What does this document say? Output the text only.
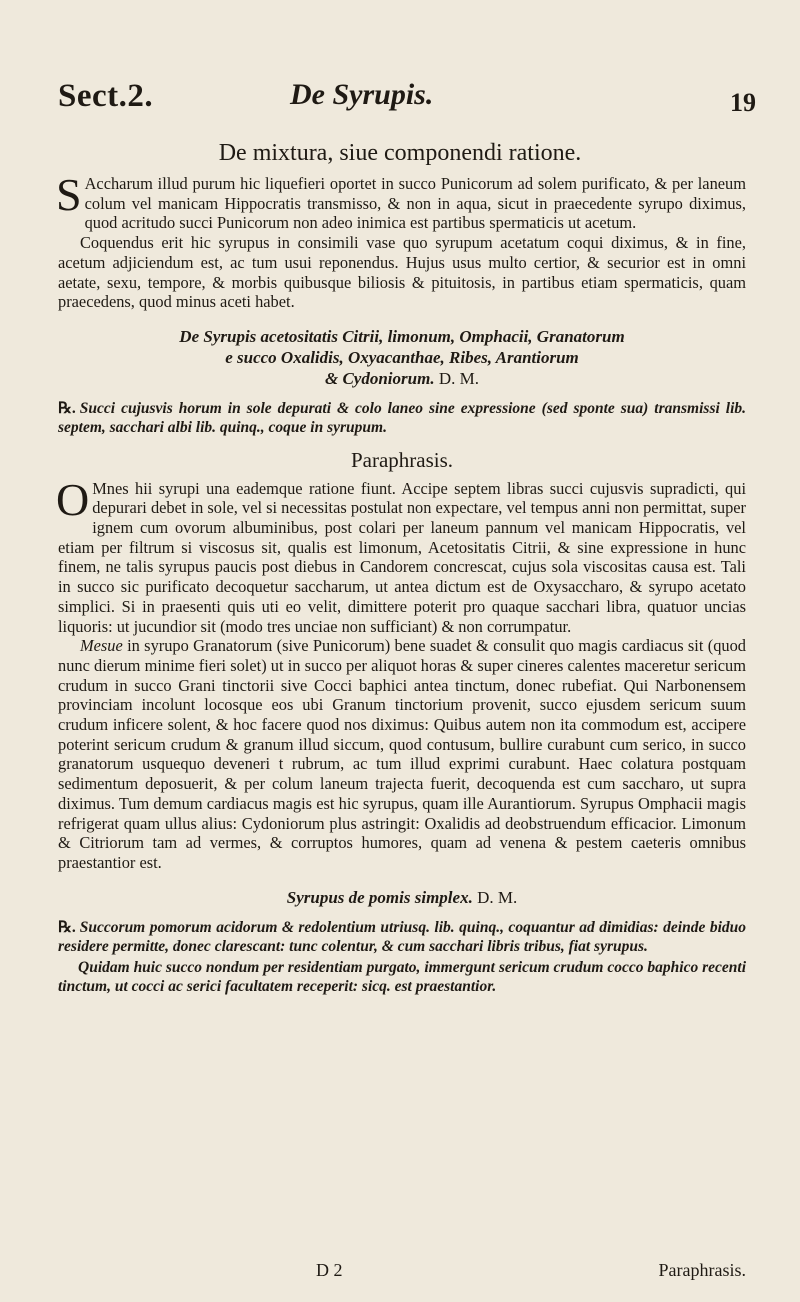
Sect.2.	De Syrupis.	19
De mixtura, siue componendi ratione.

S Accharum illud purum hic liquefieri oportet in succo Punicorum ad solem purificato, & per laneum colum vel manicam Hippocratis transmisso, & non in aqua, sicut in praecedente syrupo diximus, quod acritudo succi Punicorum non adeo inimica est partibus spermaticis ut acetum.

Coquendus erit hic syrupus in consimili vase quo syrupum acetatum coqui diximus, & in fine, acetum adjiciendum est, ac tum usui reponendus. Hujus usus multo certior, & securior est in omni aetate, sexu, tempore, & morbis quibusque biliosis & pituitosis, in partibus etiam spermaticis, quam praecedens, quod minus aceti habet.

De Syrupis acetositatis Citrii, limonum, Omphacii, Granatorum
e succo Oxalidis, Oxyacanthae, Ribes, Arantiorum
& Cydoniorum. D. M.

℞. Succi cujusvis horum in sole depurati & colo laneo sine expressione (sed sponte sua) transmissi lib. septem, sacchari albi lib. quinq., coque in syrupum.

Paraphrasis.

O Mnes hii syrupi una eademque ratione fiunt. Accipe septem libras succi cujusvis supradicti, qui depurari debet in sole, vel si necessitas postulat non expectare, vel tempus anni non permittat, super ignem cum ovorum albuminibus, post colari per laneum pannum vel manicam Hippocratis, vel etiam per filtrum si viscosus sit, qualis est limonum, Acetositatis Citrii, & sine expressione in hunc finem, ne talis syrupus paucis post diebus in Candorem concrescat, cujus sola viscositas causa est. Tali in succo sic purificato decoquetur saccharum, ut antea dictum est de Oxysaccharo, & syrupo acetato simplici. Si in praesenti quis uti eo velit, dimittere poterit pro quaque sacchari libra, quatuor uncias liquoris: ut jucundior sit (modo tres unciae non sufficiant) & non corrumpatur.

Mesue in syrupo Granatorum (sive Punicorum) bene suadet & consulit quo magis cardiacus sit (quod nunc dierum minime fieri solet) ut in succo per aliquot horas & super cineres calentes maceretur sericum crudum in succo Grani tinctorii sive Cocci baphici antea tinctum, donec rubefiat. Qui Narbonensem provinciam incolunt locosque eos ubi Granum tinctorium provenit, succo ejusdem sericum suum crudum inficere solent, & hoc facere quod nos diximus: Quibus autem non ita commodum est, accipere poterint sericum crudum & granum illud siccum, quod contusum, bullire curabunt cum serico, in succo granatorum usquequo deveneri t rubrum, ac tum illud exprimi curabunt. Haec colatura postquam sedimentum deposuerit, & per colum laneum trajecta fuerit, decoquenda est cum saccharo, ut supra diximus. Tum demum cardiacus magis est hic syrupus, quam ille Aurantiorum. Syrupus Omphacii magis refrigerat quam ullus alius: Cydoniorum plus astringit: Oxalidis ad deobstruendum efficacior. Limonum & Citriorum tam ad vermes, & corruptos humores, quam ad venena & pestem caeteris omnibus praestantior est.

Syrupus de pomis simplex. D. M.

℞. Succorum pomorum acidorum & redolentium utriusq. lib. quinq., coquantur ad dimidias: deinde biduo residere permitte, donec clarescant: tunc colentur, & cum sacchari libris tribus, fiat syrupus.

Quidam huic succo nondum per residentiam purgato, immergunt sericum crudum cocco baphico recenti tinctum, ut cocci ac serici facultatem receperit: sicq. est praestantior.

D 2	Paraphrasis.
